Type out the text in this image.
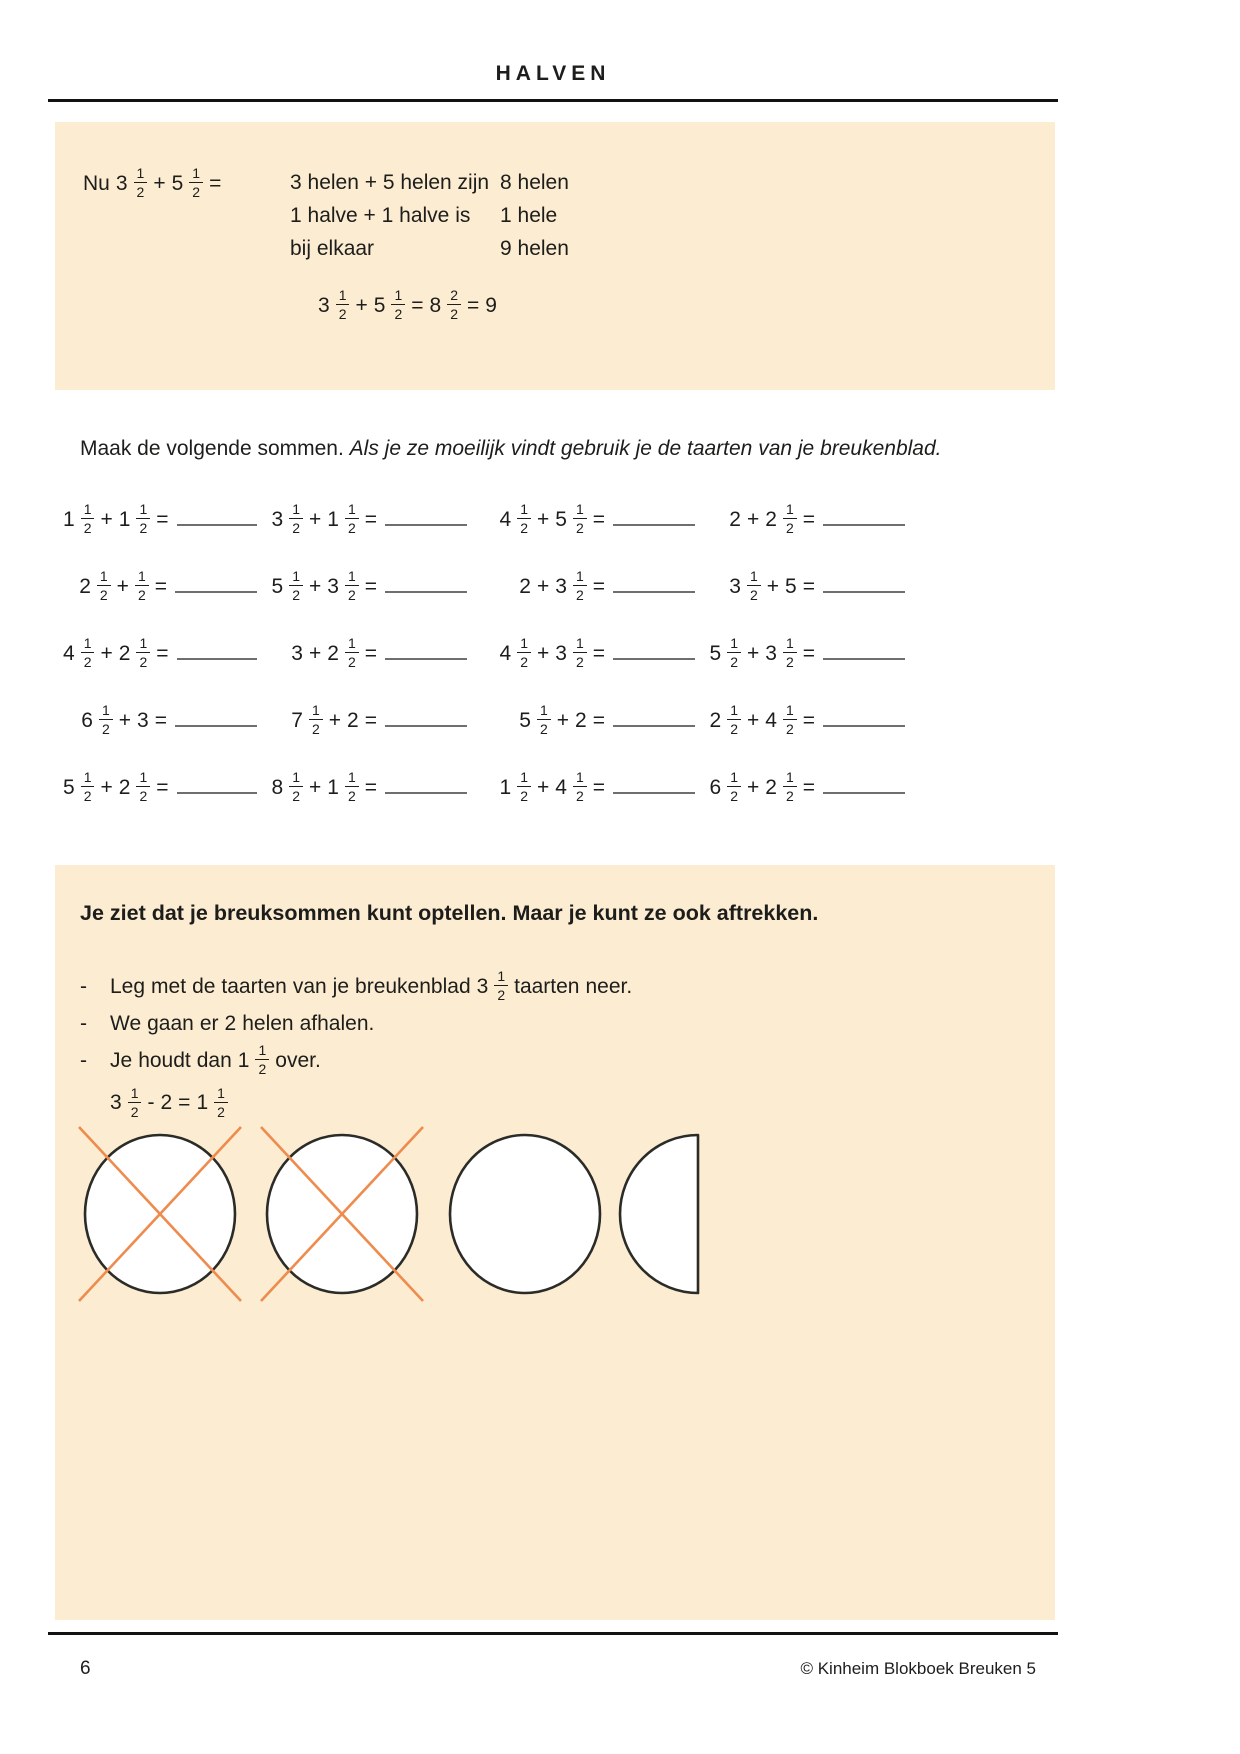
HALVEN
Nu $3 \frac{1}{2} + 5 \frac{1}{2}$ =	3 helen + 5 helen zijn 8 helen
1 halve + 1 halve is	1 hele
bij elkaar	9 helen
$3 \frac{1}{2} + 5 \frac{1}{2} = 8 \frac{2}{2} = 9$
Maak de volgende sommen. Als je ze moeilijk vindt gebruik je de taarten van je breukenblad.
$1 \frac{1}{2} + 1 \frac{1}{2}$ =	$3 \frac{1}{2} + 1 \frac{1}{2}$ =	$4 \frac{1}{2} + 5 \frac{1}{2}$ =	$2 + 2 \frac{1}{2}$ =
$2 \frac{1}{2} + \frac{1}{2}$ =	$5 \frac{1}{2} + 3 \frac{1}{2}$ =	$2 + 3 \frac{1}{2}$ =	$3 \frac{1}{2} + 5$ =
$4 \frac{1}{2} + 2 \frac{1}{2}$ =	$3 + 2 \frac{1}{2}$ =	$4 \frac{1}{2} + 3 \frac{1}{2}$ =	$5 \frac{1}{2} + 3 \frac{1}{2}$ =
$6 \frac{1}{2} + 3$ =	$7 \frac{1}{2} + 2$ =	$5 \frac{1}{2} + 2$ =	$2 \frac{1}{2} + 4 \frac{1}{2}$ =
$5 \frac{1}{2} + 2 \frac{1}{2}$ =	$8 \frac{1}{2} + 1 \frac{1}{2}$ =	$1 \frac{1}{2} + 4 \frac{1}{2}$ =	$6 \frac{1}{2} + 2 \frac{1}{2}$ =
Je ziet dat je breuksommen kunt optellen. Maar je kunt ze ook aftrekken.
-	Leg met de taarten van je breukenblad $3 \frac{1}{2}$ taarten neer.
-	We gaan er 2 helen afhalen.
-	Je houdt dan $1 \frac{1}{2}$ over.
$3 \frac{1}{2} - 2 = 1 \frac{1}{2}$
6	© Kinheim Blokboek Breuken 5
